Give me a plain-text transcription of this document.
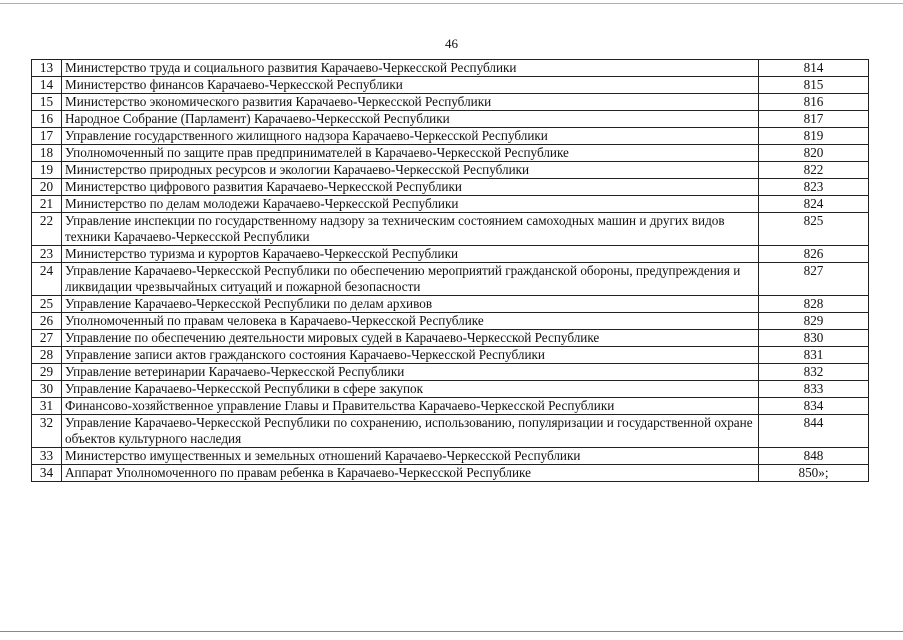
46
13	Министерство труда и социального развития Карачаево-Черкесской Республики	814
14	Министерство финансов Карачаево-Черкесской Республики	815
15	Министерство экономического развития Карачаево-Черкесской Республики	816
16	Народное Собрание (Парламент) Карачаево-Черкесской Республики	817
17	Управление государственного жилищного надзора Карачаево-Черкесской Республики	819
18	Уполномоченный по защите прав предпринимателей в Карачаево-Черкесской Республике	820
19	Министерство природных ресурсов и экологии Карачаево-Черкесской Республики	822
20	Министерство цифрового развития Карачаево-Черкесской Республики	823
21	Министерство по делам молодежи Карачаево-Черкесской Республики	824
22	Управление инспекции по государственному надзору за техническим состоянием самоходных машин и других видов техники Карачаево-Черкесской Республики	825
23	Министерство туризма и курортов Карачаево-Черкесской Республики	826
24	Управление Карачаево-Черкесской Республики по обеспечению мероприятий гражданской обороны, предупреждения и ликвидации чрезвычайных ситуаций и пожарной безопасности	827
25	Управление Карачаево-Черкесской Республики по делам архивов	828
26	Уполномоченный по правам человека в Карачаево-Черкесской Республике	829
27	Управление по обеспечению деятельности мировых судей в Карачаево-Черкесской Республике	830
28	Управление записи актов гражданского состояния Карачаево-Черкесской Республики	831
29	Управление ветеринарии Карачаево-Черкесской Республики	832
30	Управление Карачаево-Черкесской Республики в сфере закупок	833
31	Финансово-хозяйственное управление Главы и Правительства Карачаево-Черкесской Республики	834
32	Управление Карачаево-Черкесской Республики по сохранению, использованию, популяризации и государственной охране объектов культурного наследия	844
33	Министерство имущественных и земельных отношений Карачаево-Черкесской Республики	848
34	Аппарат Уполномоченного по правам ребенка в Карачаево-Черкесской Республике	850»;
